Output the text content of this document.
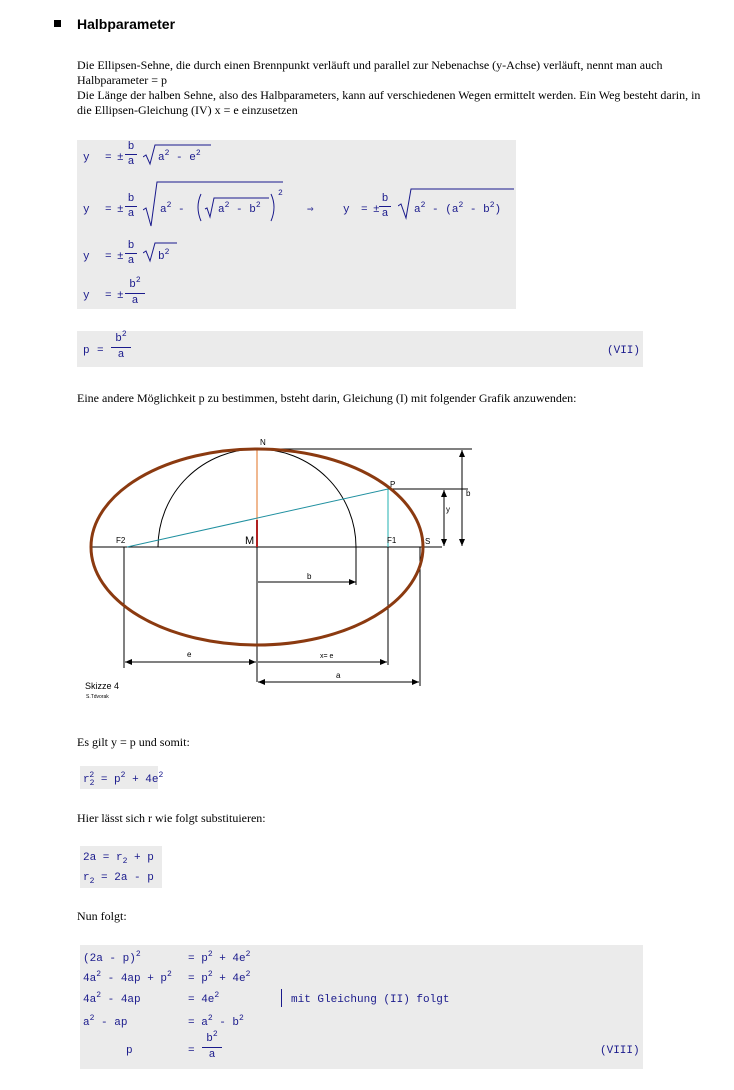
Halbparameter
Die Ellipsen-Sehne, die durch einen Brennpunkt verläuft und parallel zur Nebenachse (y-Achse) verläuft, nennt man auch
Halbparameter = p
Die Länge der halben Sehne, also des Halbparameters, kann auf verschiedenen Wegen ermittelt werden. Ein Weg besteht darin, in
die Ellipsen-Gleichung (IV) x = e einzusetzen
y = ±
b
a $a^2 - e^2$
y = ±
b
a $a^2$ -	$a^2 - b^2$
$^2$
⇒	y = ±
b
a $a^2 - (a^2 - b^2)$
y = ±
b
a $b^2$
y = ±
$b^2$
a
p =
$b^2$
a	(VII)
Eine andere Möglichkeit p zu bestimmen, bsteht darin, Gleichung (I) mit folgender Grafik anzuwenden:
N
P
F2	M	F1	S
b
y
b
e	x= e
a
Skizze 4
S.Tdvorak
Es gilt y = p und somit:
$r_2^2 = p^2 + 4e^2$
Hier lässt sich r wie folgt substituieren:
$2a = r_2 + p$
$r_2 = 2a - p$
Nun folgt:
(2a - p)$^2$	= $p^2 + 4e^2$
$4a^2 - 4ap + p^2 = p^2 + 4e^2$
$4a^2 - 4ap$	= $4e^2$	mit Gleichung (II) folgt
$a^2$ - ap	= $a^2 - b^2$
p	=
$b^2$
a	(VIII)
